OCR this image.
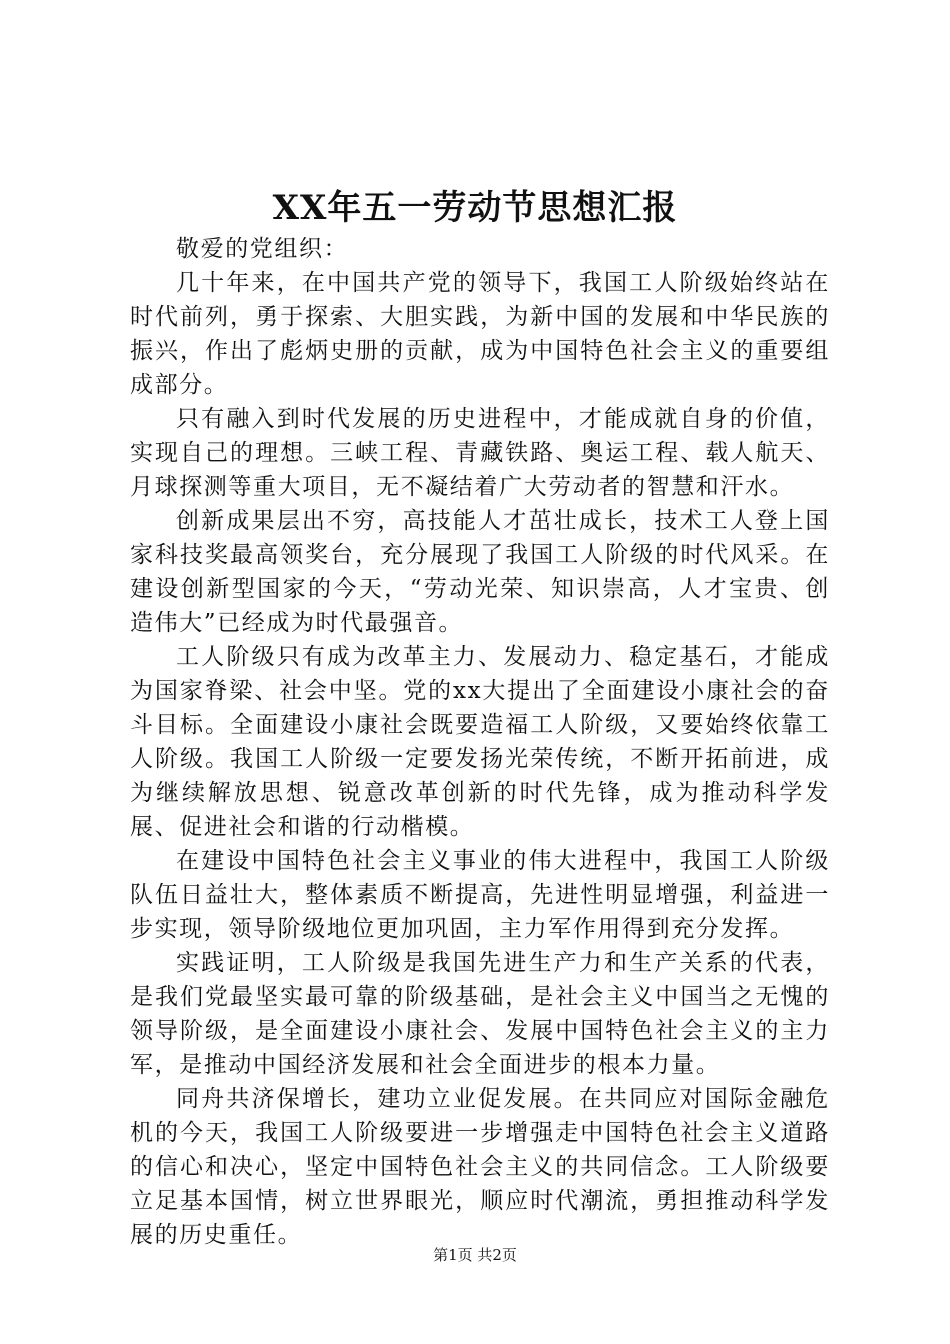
XX年五一劳动节思想汇报

敬爱的党组织：

几十年来，在中国共产党的领导下，我国工人阶级始终站在时代前列，勇于探索、大胆实践，为新中国的发展和中华民族的振兴，作出了彪炳史册的贡献，成为中国特色社会主义的重要组成部分。

只有融入到时代发展的历史进程中，才能成就自身的价值，实现自己的理想。三峡工程、青藏铁路、奥运工程、载人航天、月球探测等重大项目，无不凝结着广大劳动者的智慧和汗水。

创新成果层出不穷，高技能人才茁壮成长，技术工人登上国家科技奖最高领奖台，充分展现了我国工人阶级的时代风采。在建设创新型国家的今天，“劳动光荣、知识崇高，人才宝贵、创造伟大”已经成为时代最强音。

工人阶级只有成为改革主力、发展动力、稳定基石，才能成为国家脊梁、社会中坚。党的xx大提出了全面建设小康社会的奋斗目标。全面建设小康社会既要造福工人阶级，又要始终依靠工人阶级。我国工人阶级一定要发扬光荣传统，不断开拓前进，成为继续解放思想、锐意改革创新的时代先锋，成为推动科学发展、促进社会和谐的行动楷模。

在建设中国特色社会主义事业的伟大进程中，我国工人阶级队伍日益壮大，整体素质不断提高，先进性明显增强，利益进一步实现，领导阶级地位更加巩固，主力军作用得到充分发挥。

实践证明，工人阶级是我国先进生产力和生产关系的代表，是我们党最坚实最可靠的阶级基础，是社会主义中国当之无愧的领导阶级，是全面建设小康社会、发展中国特色社会主义的主力军，是推动中国经济发展和社会全面进步的根本力量。

同舟共济保增长，建功立业促发展。在共同应对国际金融危机的今天，我国工人阶级要进一步增强走中国特色社会主义道路的信心和决心，坚定中国特色社会主义的共同信念。工人阶级要立足基本国情，树立世界眼光，顺应时代潮流，勇担推动科学发展的历史重任。

第1页 共2页
